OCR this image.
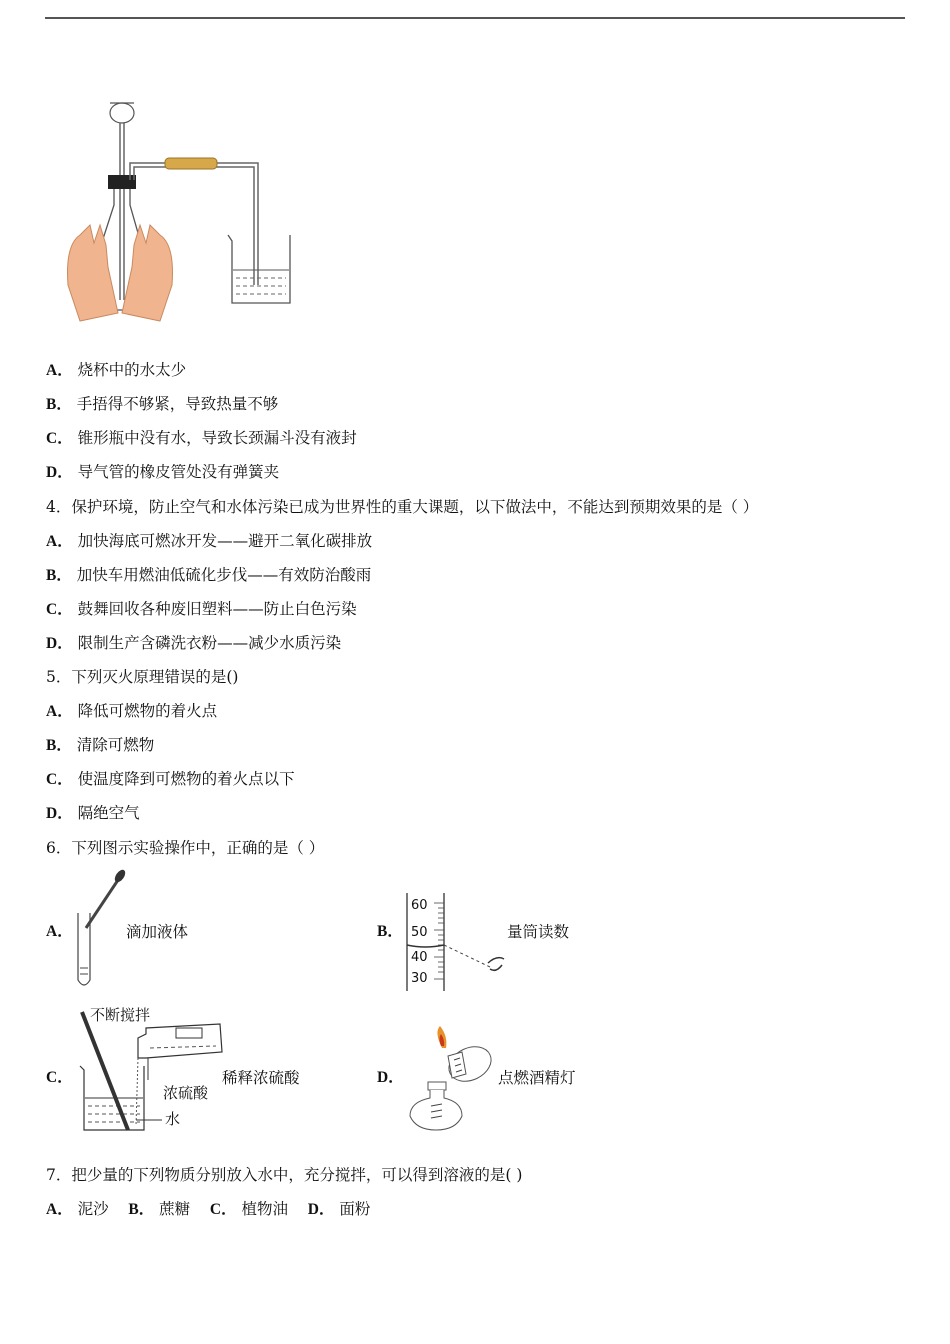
A． 烧杯中的水太少
B． 手捂得不够紧，导致热量不够
C． 锥形瓶中没有水，导致长颈漏斗没有液封
D． 导气管的橡皮管处没有弹簧夹
4．保护环境，防止空气和水体污染已成为世界性的重大课题，以下做法中，不能达到预期效果的是（ ）
A． 加快海底可燃冰开发——避开二氧化碳排放
B． 加快车用燃油低硫化步伐——有效防治酸雨
C． 鼓舞回收各种废旧塑料——防止白色污染
D． 限制生产含磷洗衣粉——减少水质污染
5．下列灭火原理错误的是()
A． 降低可燃物的着火点
B． 清除可燃物
C． 使温度降到可燃物的着火点以下
D． 隔绝空气
6．下列图示实验操作中，正确的是（ ）
A．	滴加液体	B．
60
50
40
30
量筒读数
C．
不断搅拌
浓硫酸
水
稀释浓硫酸	D．	点燃酒精灯
7．把少量的下列物质分别放入水中，充分搅拌，可以得到溶液的是( )
A． 泥沙 B． 蔗糖 C． 植物油 D． 面粉
